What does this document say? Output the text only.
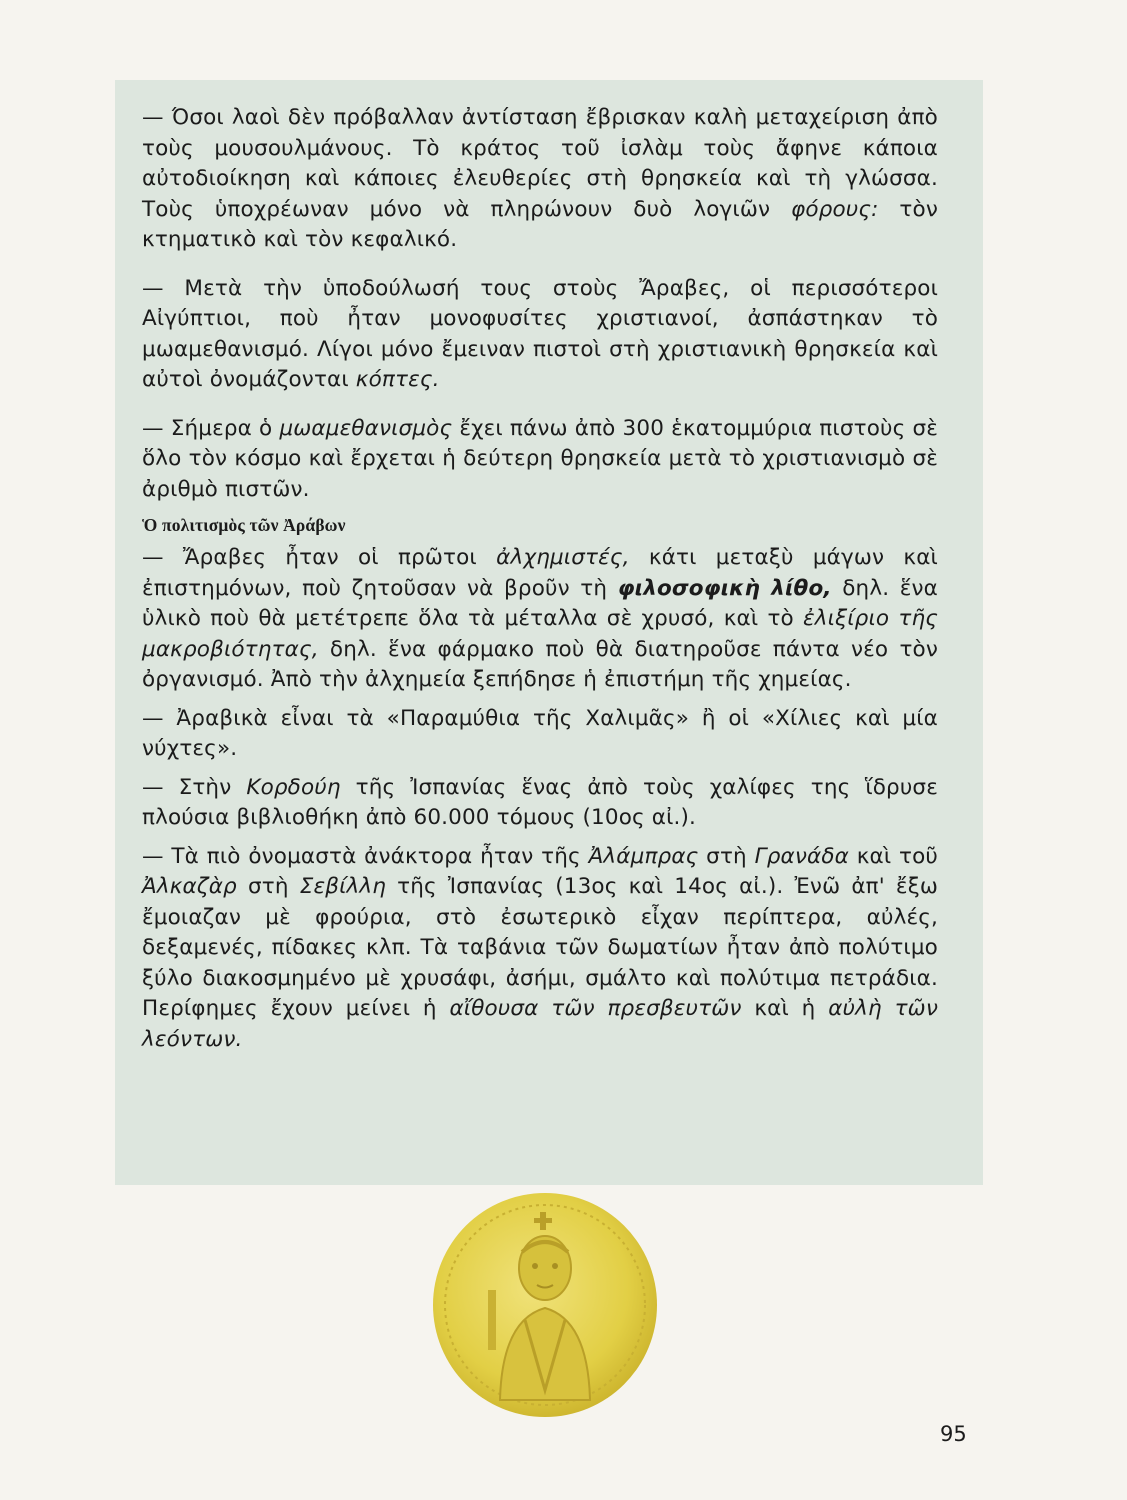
— Όσοι λαοὶ δὲν πρόβαλλαν ἀντίσταση ἔβρισκαν καλὴ μεταχείριση ἀπὸ τοὺς μουσουλμάνους. Τὸ κράτος τοῦ ἰσλὰμ τοὺς ἄφηνε κάποια αὐτοδιοίκηση καὶ κάποιες ἐλευθερίες στὴ θρησκεία καὶ τὴ γλώσσα. Τοὺς ὑποχρέωναν μόνο νὰ πληρώνουν δυὸ λογιῶν φόρους: τὸν κτηματικὸ καὶ τὸν κεφαλικό.
— Μετὰ τὴν ὑποδούλωσή τους στοὺς Ἄραβες, οἱ περισσότεροι Αἰγύπτιοι, ποὺ ἦταν μονοφυσίτες χριστιανοί, ἀσπάστηκαν τὸ μωαμεθανισμό. Λίγοι μόνο ἔμειναν πιστοὶ στὴ χριστιανικὴ θρησκεία καὶ αὐτοὶ ὀνομάζονται κόπτες.
— Σήμερα ὁ μωαμεθανισμὸς ἔχει πάνω ἀπὸ 300 ἑκατομμύρια πιστοὺς σὲ ὅλο τὸν κόσμο καὶ ἔρχεται ἡ δεύτερη θρησκεία μετὰ τὸ χριστιανισμὸ σὲ ἀριθμὸ πιστῶν.
Ὁ πολιτισμὸς τῶν Ἀράβων
— Ἄραβες ἦταν οἱ πρῶτοι ἀλχημιστές, κάτι μεταξὺ μάγων καὶ ἐπιστημόνων, ποὺ ζητοῦσαν νὰ βροῦν τὴ φιλοσοφικὴ λίθο, δηλ. ἕνα ὑλικὸ ποὺ θὰ μετέτρεπε ὅλα τὰ μέταλλα σὲ χρυσό, καὶ τὸ ἐλιξίριο τῆς μακροβιότητας, δηλ. ἕνα φάρμακο ποὺ θὰ διατηροῦσε πάντα νέο τὸν ὀργανισμό. Ἀπὸ τὴν ἀλχημεία ξεπήδησε ἡ ἐπιστήμη τῆς χημείας.
— Ἀραβικὰ εἶναι τὰ «Παραμύθια τῆς Χαλιμᾶς» ἢ οἱ «Χίλιες καὶ μία νύχτες».
— Στὴν Κορδούη τῆς Ἰσπανίας ἕνας ἀπὸ τοὺς χαλίφες της ἵδρυσε πλούσια βιβλιοθήκη ἀπὸ 60.000 τόμους (10ος αἰ.).
— Τὰ πιὸ ὀνομαστὰ ἀνάκτορα ἦταν τῆς Ἀλάμπρας στὴ Γρανάδα καὶ τοῦ Ἀλκαζὰρ στὴ Σεβίλλη τῆς Ἰσπανίας (13ος καὶ 14ος αἰ.). Ἐνῶ ἀπ' ἔξω ἔμοιαζαν μὲ φρούρια, στὸ ἐσωτερικὸ εἶχαν περίπτερα, αὐλές, δεξαμενές, πίδακες κλπ. Τὰ ταβάνια τῶν δωματίων ἦταν ἀπὸ πολύτιμο ξύλο διακοσμημένο μὲ χρυσάφι, ἀσήμι, σμάλτο καὶ πολύτιμα πετράδια. Περίφημες ἔχουν μείνει ἡ αἴθουσα τῶν πρεσβευτῶν καὶ ἡ αὐλὴ τῶν λεόντων.
95
